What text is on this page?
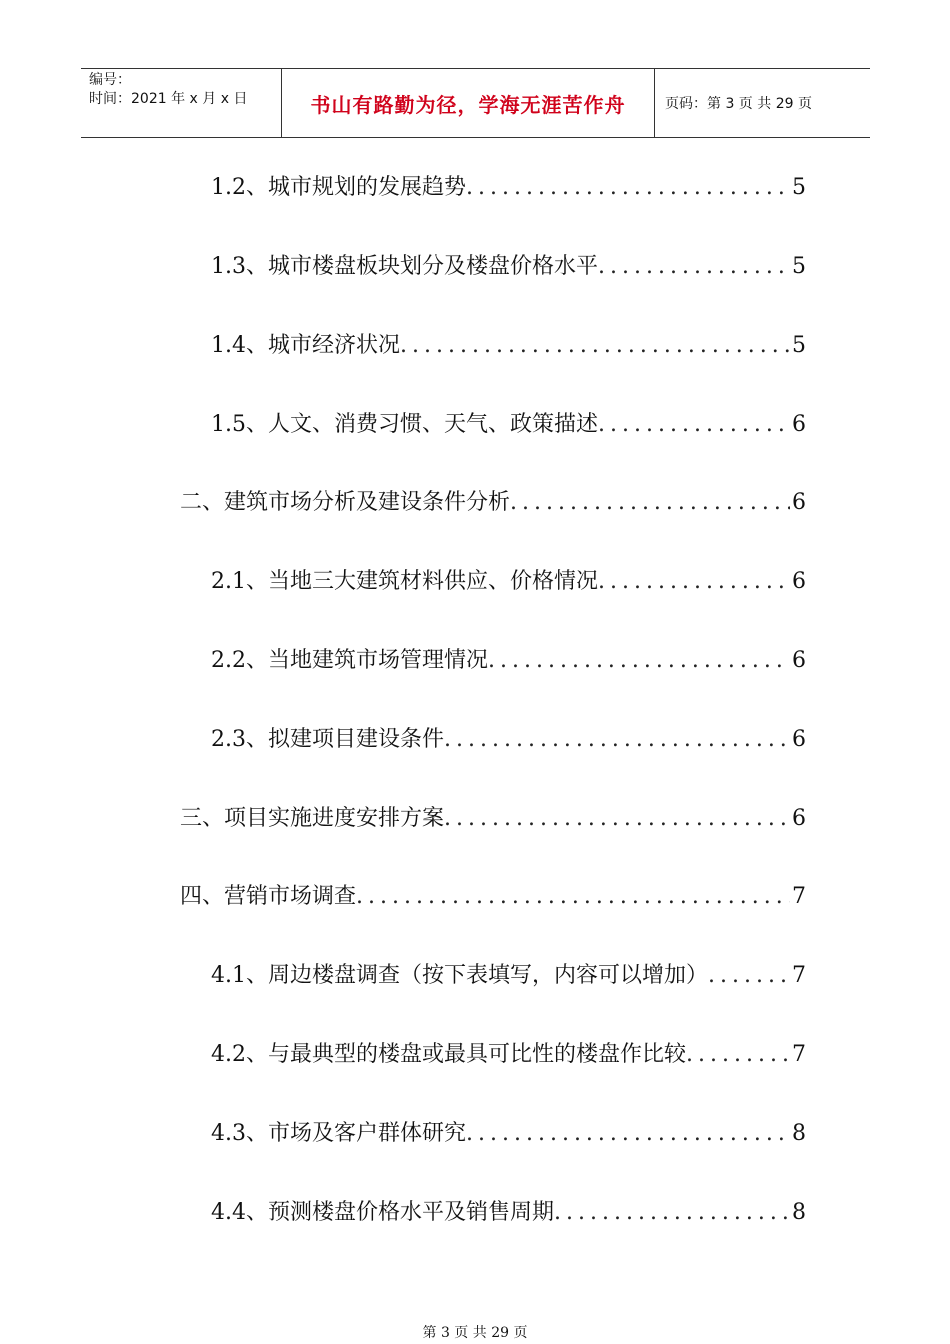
编号：
时间：2021 年 x 月 x 日	书山有路勤为径，学海无涯苦作舟	页码：第 3 页 共 29 页
1.2、城市规划的发展趋势 .....	5
1.3、城市楼盘板块划分及楼盘价格水平 .....	5
1.4、城市经济状况 .....	5
1.5、人文、消费习惯、天气、政策描述 .....	6
二、建筑市场分析及建设条件分析 .....	6
2.1、当地三大建筑材料供应、价格情况 .....	6
2.2、当地建筑市场管理情况 .....	6
2.3、拟建项目建设条件 .....	6
三、项目实施进度安排方案 .....	6
四、营销市场调查 .....	7
4.1、周边楼盘调查（按下表填写，内容可以增加） .....	7
4.2、与最典型的楼盘或最具可比性的楼盘作比较 .....	7
4.3、市场及客户群体研究 .....	8
4.4、预测楼盘价格水平及销售周期 .....	8
第 3 页 共 29 页
